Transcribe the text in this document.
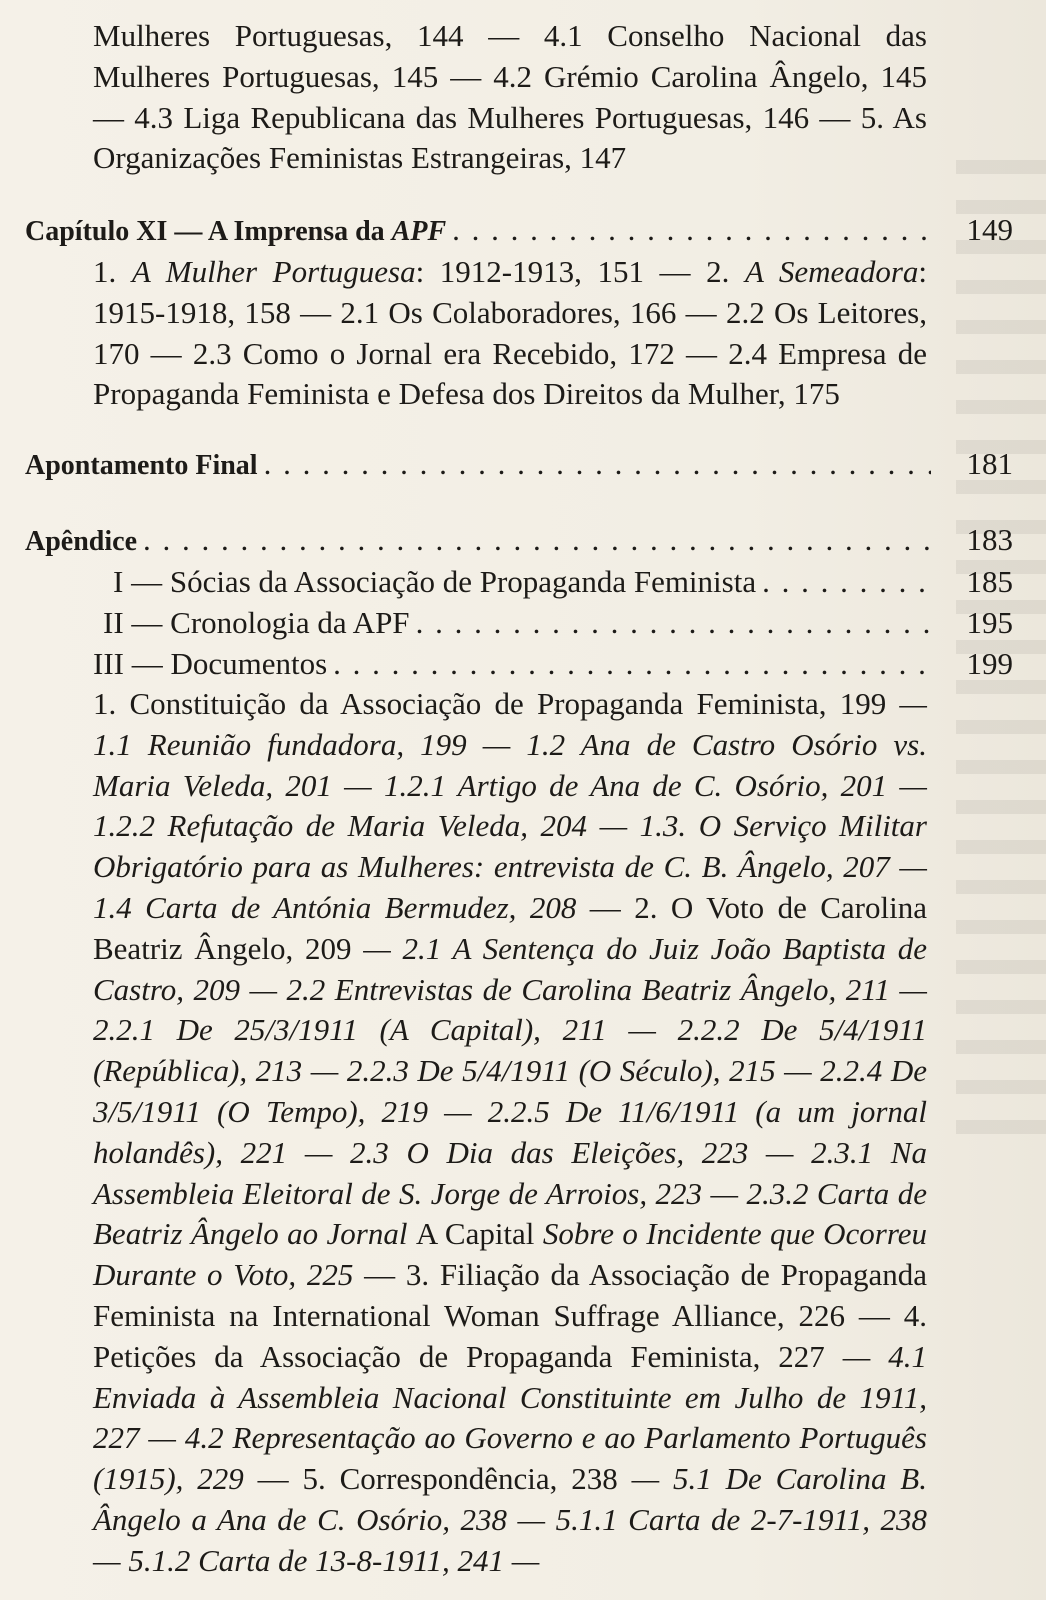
Mulheres Portuguesas, 144 — 4.1 Conselho Nacional das Mulheres Portuguesas, 145 — 4.2 Grémio Carolina Ângelo, 145 — 4.3 Liga Republicana das Mulheres Portuguesas, 146 — 5. As Organizações Feministas Estrangeiras, 147

Capítulo XI — A Imprensa da APF . . .	149

1. A Mulher Portuguesa: 1912-1913, 151 — 2. A Semeadora: 1915-1918, 158 — 2.1 Os Colaboradores, 166 — 2.2 Os Leitores, 170 — 2.3 Como o Jornal era Recebido, 172 — 2.4 Empresa de Propaganda Feminista e Defesa dos Direitos da Mulher, 175

Apontamento Final . . .	181
Apêndice . . .	183
I — Sócias da Associação de Propaganda Feminista . . .	185
II — Cronologia da APF . . .	195
III — Documentos . . .	199

1. Constituição da Associação de Propaganda Feminista, 199 — 1.1 Reunião fundadora, 199 — 1.2 Ana de Castro Osório vs. Maria Veleda, 201 — 1.2.1 Artigo de Ana de C. Osório, 201 — 1.2.2 Refutação de Maria Veleda, 204 — 1.3. O Serviço Militar Obrigatório para as Mulheres: entrevista de C. B. Ângelo, 207 — 1.4 Carta de Antónia Bermudez, 208 — 2. O Voto de Carolina Beatriz Ângelo, 209 — 2.1 A Sentença do Juiz João Baptista de Castro, 209 — 2.2 Entrevistas de Carolina Beatriz Ângelo, 211 — 2.2.1 De 25/3/1911 (A Capital), 211 — 2.2.2 De 5/4/1911 (República), 213 — 2.2.3 De 5/4/1911 (O Século), 215 — 2.2.4 De 3/5/1911 (O Tempo), 219 — 2.2.5 De 11/6/1911 (a um jornal holandês), 221 — 2.3 O Dia das Eleições, 223 — 2.3.1 Na Assembleia Eleitoral de S. Jorge de Arroios, 223 — 2.3.2 Carta de Beatriz Ângelo ao Jornal A Capital Sobre o Incidente que Ocorreu Durante o Voto, 225 — 3. Filiação da Associação de Propaganda Feminista na International Woman Suffrage Alliance, 226 — 4. Petições da Associação de Propaganda Feminista, 227 — 4.1 Enviada à Assembleia Nacional Constituinte em Julho de 1911, 227 — 4.2 Representação ao Governo e ao Parlamento Português (1915), 229 — 5. Correspondência, 238 — 5.1 De Carolina B. Ângelo a Ana de C. Osório, 238 — 5.1.1 Carta de 2-7-1911, 238 — 5.1.2 Carta de 13-8-1911, 241 —
